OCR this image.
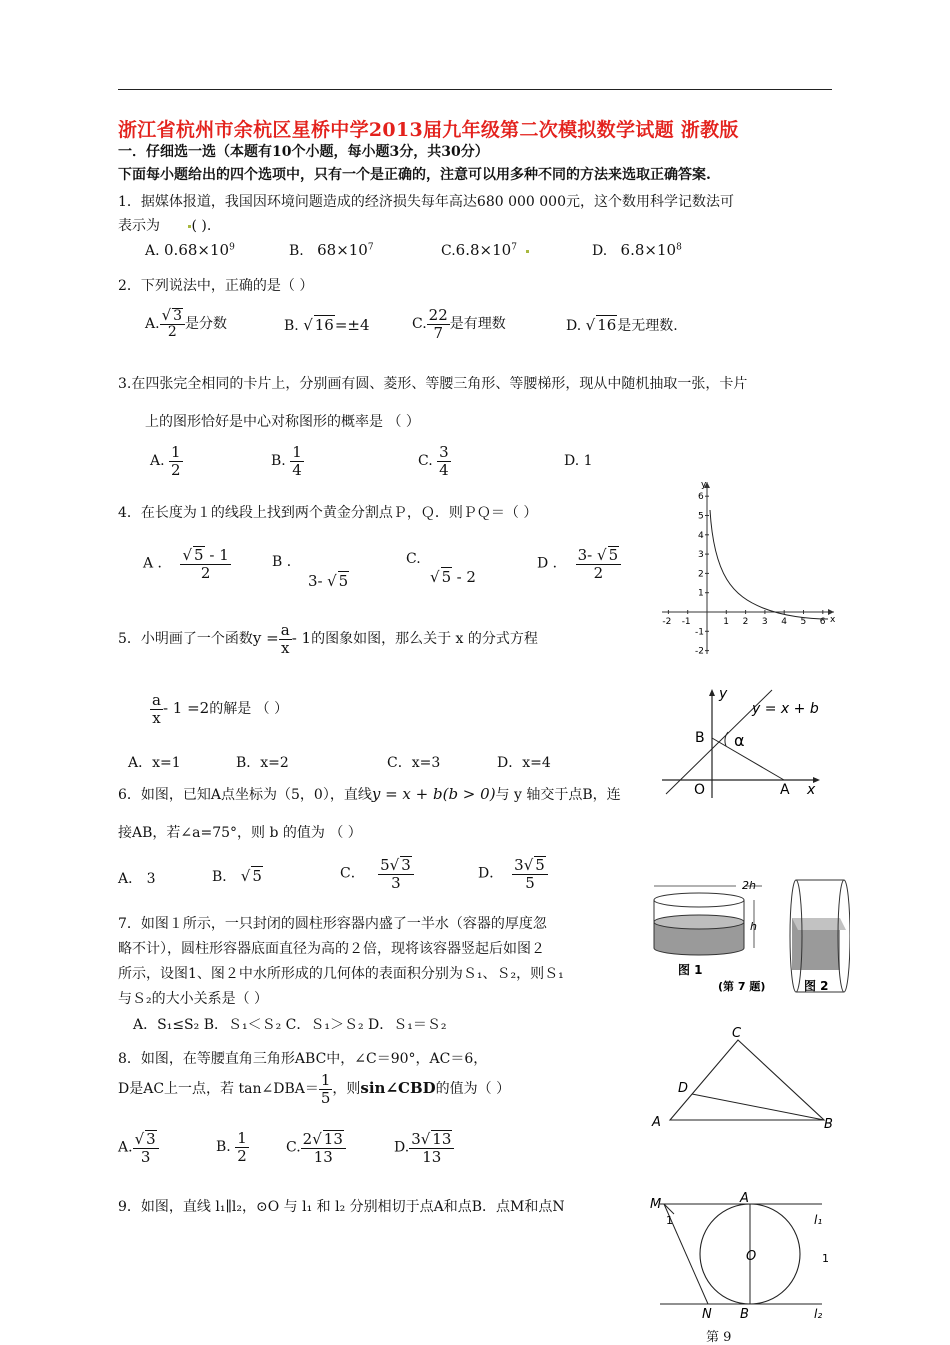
浙江省杭州市余杭区星桥中学2013届九年级第二次模拟数学试题 浙教版
一．仔细选一选（本题有10个小题，每小题3分，共30分）
下面每小题给出的四个选项中，只有一个是正确的，注意可以用多种不同的方法来选取正确答案.
1．据媒体报道，我国因环境问题造成的经济损失每年高达680 000 000元，这个数用科学记数法可
表示为 ( ).
A. $0.68\times 10^9$	B. $68\times 10^7$	$C.6.8\times 10^7$	D. $6.8\times 10^8$
2．下列说法中，正确的是（ ）
A. $\frac{√ 3}{2}$ 是分数	B. √ 16=±4	C. $\frac{22}{7}$ 是有理数	D. √ 16是无理数.
3.在四张完全相同的卡片上，分别画有圆、菱形、等腰三角形、等腰梯形，现从中随机抽取一张，卡片
上的图形恰好是中心对称图形的概率是 （ ）
A. $\frac{1}{2}$	B. $\frac{1}{4}$	C. $\frac{3}{4}$	D. 1
4．在长度为１的线段上找到两个黄金分割点Ｐ，Ｑ．则ＰＱ＝（ ）
A ． $\frac{√ 5 - 1}{2}$	B ．
3- √ 5
C.
√ 5 - 2
D ． $\frac{3- √ 5}{2}$
y
x
-2 -1	1 2 3 4 5 6
6
5
4
3
2
1
-1
-2
5．小明画了一个函数$y = \frac{a}{x} - 1$的图象如图，那么关于 x 的分式方程
$\frac{a}{x} - 1 =2$的解是 （ ）
A．x=1	B．x=2	C．x=3	D．x=4
y
x
y = x + b
B
O	A
α
6．如图，已知A点坐标为（5，0），直线y = x + b(b > 0)与 y 轴交于点B，连
接AB，若∠a=75°，则 b 的值为 （ ）
A． 3	B． √ 5	C． $\frac{5√ 3}{3}$	D． $\frac{3√ 5}{5}$	2h
h
图 1
(第 7 题)	图 2
7．如图１所示，一只封闭的圆柱形容器内盛了一半水（容器的厚度忽
略不计），圆柱形容器底面直径为高的２倍，现将该容器竖起后如图２
所示，设图1、图２中水所形成的几何体的表面积分别为Ｓ₁、Ｓ₂，则Ｓ₁
与Ｓ₂的大小关系是（ ）
A．S₁≤S₂ B．Ｓ₁＜Ｓ₂ C．Ｓ₁＞Ｓ₂ D．Ｓ₁＝Ｓ₂
C
D
A	B
8．如图，在等腰直角三角形ABC中，∠C＝90°，AC＝6，
D是AC上一点，若 tan∠DBA＝ $\frac{1}{5}$ ，则sin∠CBD的值为（ ）
A. $\frac{√ 3}{3}$	B. $\frac{1}{2}$	C. $\frac{2√ 13}{13}$	D. $\frac{3√ 13}{13}$
9．如图，直线 l₁∥l₂，⊙O 与 l₁ 和 l₂ 分别相切于点A和点B．点M和点N	M
1
A
O
B
N
l₁
1
l₂
第 9
